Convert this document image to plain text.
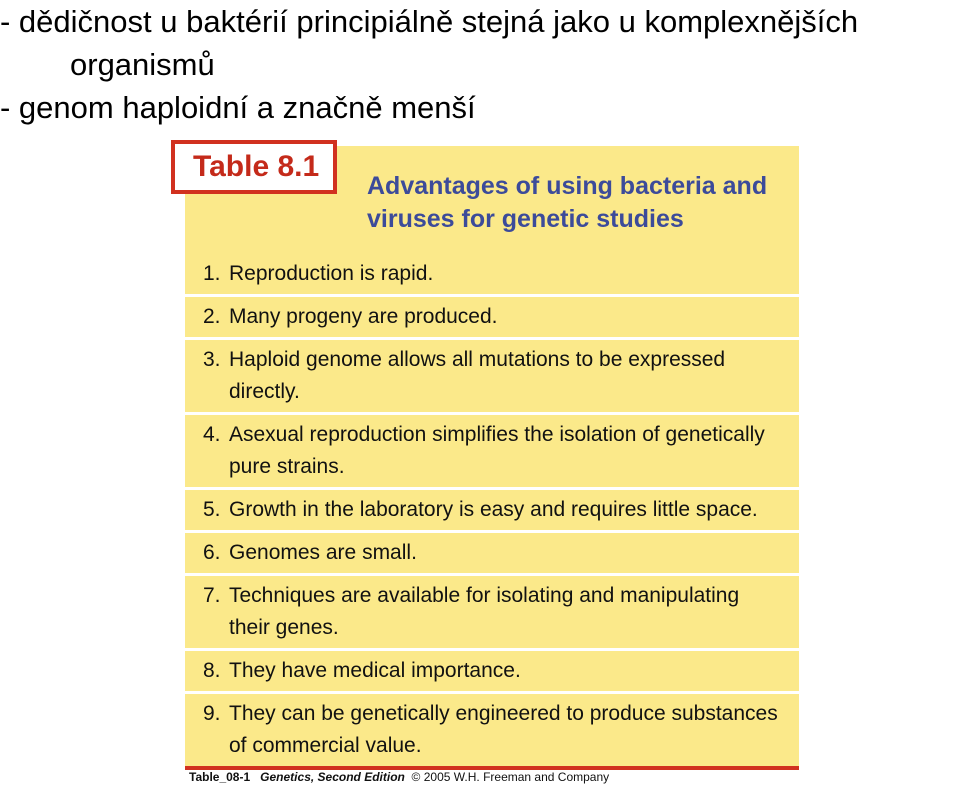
- dědičnost u baktérií principiálně stejná jako u komplexnějších
organismů
- genom haploidní a značně menší
Advantages of using bacteria and viruses for genetic studies
1. Reproduction is rapid.
2. Many progeny are produced.
3. Haploid genome allows all mutations to be expressed directly.
4. Asexual reproduction simplifies the isolation of genetically pure strains.
5. Growth in the laboratory is easy and requires little space.
6. Genomes are small.
7. Techniques are available for isolating and manipulating their genes.
8. They have medical importance.
9. They can be genetically engineered to produce substances of commercial value.
Table 8.1
Table_08-1 Genetics, Second Edition © 2005 W.H. Freeman and Company
